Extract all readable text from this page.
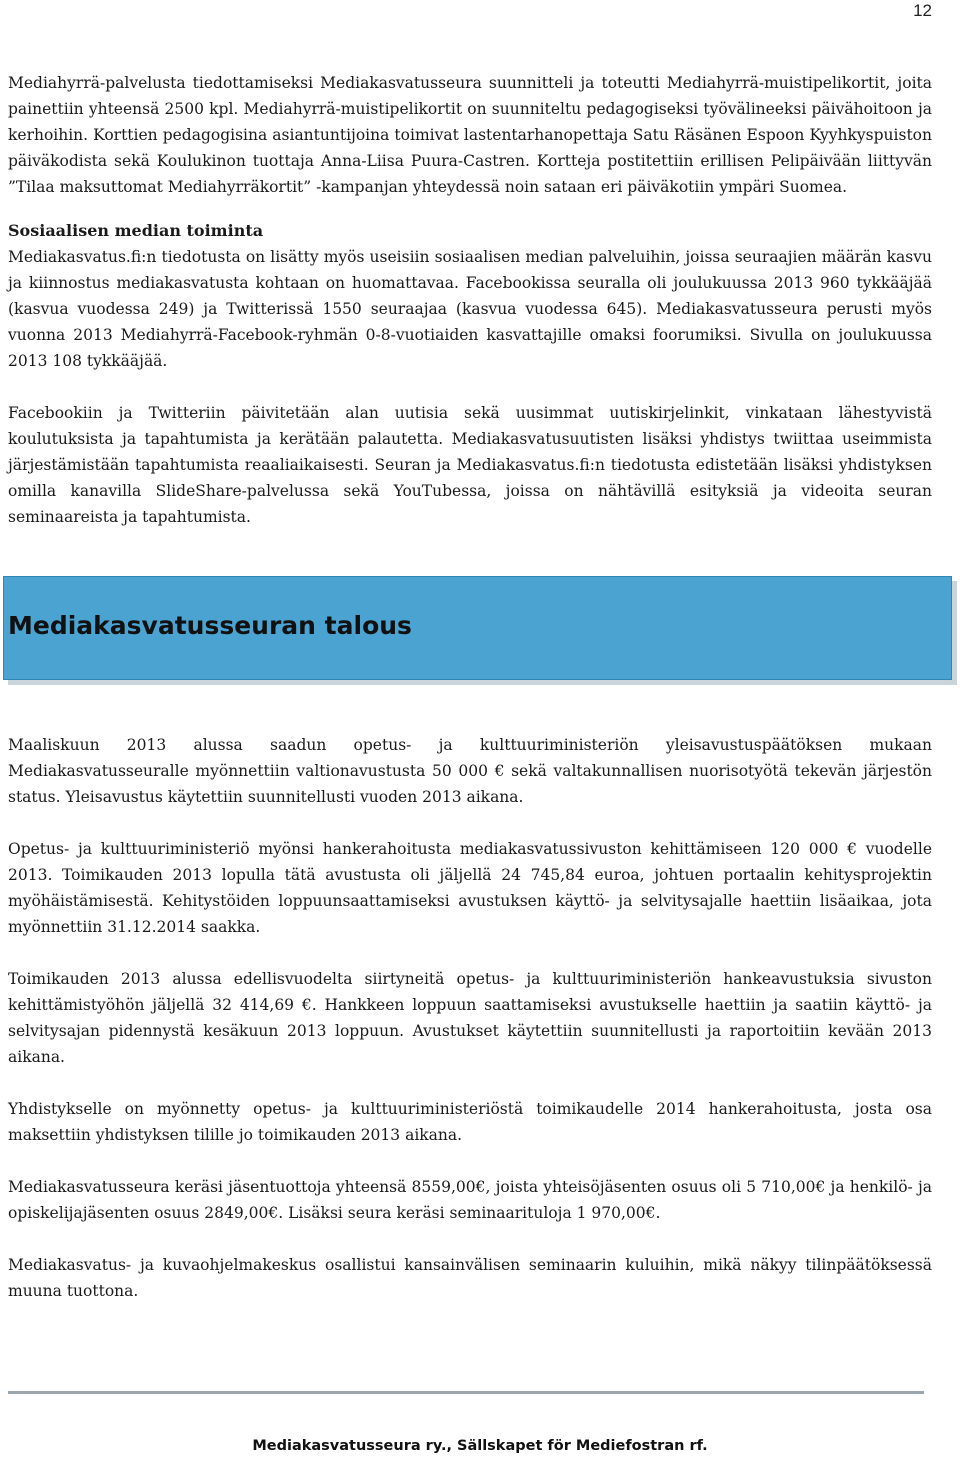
12

Mediahyrrä-palvelusta tiedottamiseksi Mediakasvatusseura suunnitteli ja toteutti Mediahyrrä-muistipelikortit, joita painettiin yhteensä 2500 kpl. Mediahyrrä-muistipelikortit on suunniteltu pedagogiseksi työvälineeksi päivähoitoon ja kerhoihin. Korttien pedagogisina asiantuntijoina toimivat lastentarhanopettaja Satu Räsänen Espoon Kyyhkyspuiston päiväkodista sekä Koulukinon tuottaja Anna-Liisa Puura-Castren. Kortteja postitettiin erillisen Pelipäivään liittyvän ”Tilaa maksuttomat Mediahyrräkortit” -kampanjan yhteydessä noin sataan eri päiväkotiin ympäri Suomea.

Sosiaalisen median toiminta

Mediakasvatus.fi:n tiedotusta on lisätty myös useisiin sosiaalisen median palveluihin, joissa seuraajien määrän kasvu ja kiinnostus mediakasvatusta kohtaan on huomattavaa. Facebookissa seuralla oli joulukuussa 2013 960 tykkääjää (kasvua vuodessa 249) ja Twitterissä 1550 seuraajaa (kasvua vuodessa 645). Mediakasvatusseura perusti myös vuonna 2013 Mediahyrrä-Facebook-ryhmän 0-8-vuotiaiden kasvattajille omaksi foorumiksi. Sivulla on joulukuussa 2013 108 tykkääjää.

Facebookiin ja Twitteriin päivitetään alan uutisia sekä uusimmat uutiskirjelinkit, vinkataan lähestyvistä koulutuksista ja tapahtumista ja kerätään palautetta. Mediakasvatusuutisten lisäksi yhdistys twiittaa useimmista järjestämistään tapahtumista reaaliaikaisesti. Seuran ja Mediakasvatus.fi:n tiedotusta edistetään lisäksi yhdistyksen omilla kanavilla SlideShare-palvelussa sekä YouTubessa, joissa on nähtävillä esityksiä ja videoita seuran seminaareista ja tapahtumista.

Mediakasvatusseuran talous

Maaliskuun 2013 alussa saadun opetus- ja kulttuuriministeriön yleisavustuspäätöksen mukaan Mediakasvatusseuralle myönnettiin valtionavustusta 50 000 € sekä valtakunnallisen nuorisotyötä tekevän järjestön status. Yleisavustus käytettiin suunnitellusti vuoden 2013 aikana.

Opetus- ja kulttuuriministeriö myönsi hankerahoitusta mediakasvatussivuston kehittämiseen 120 000 € vuodelle 2013. Toimikauden 2013 lopulla tätä avustusta oli jäljellä 24 745,84 euroa, johtuen portaalin kehitysprojektin myöhäistämisestä. Kehitystöiden loppuunsaattamiseksi avustuksen käyttö- ja selvitysajalle haettiin lisäaikaa, jota myönnettiin 31.12.2014 saakka.

Toimikauden 2013 alussa edellisvuodelta siirtyneitä opetus- ja kulttuuriministeriön hankeavustuksia sivuston kehittämistyöhön jäljellä 32 414,69 €. Hankkeen loppuun saattamiseksi avustukselle haettiin ja saatiin käyttö- ja selvitysajan pidennystä kesäkuun 2013 loppuun. Avustukset käytettiin suunnitellusti ja raportoitiin kevään 2013 aikana.

Yhdistykselle on myönnetty opetus- ja kulttuuriministeriöstä toimikaudelle 2014 hankerahoitusta, josta osa maksettiin yhdistyksen tilille jo toimikauden 2013 aikana.

Mediakasvatusseura keräsi jäsentuottoja yhteensä 8559,00€, joista yhteisöjäsenten osuus oli 5 710,00€ ja henkilö- ja opiskelijajäsenten osuus 2849,00€. Lisäksi seura keräsi seminaarituloja 1 970,00€.

Mediakasvatus- ja kuvaohjelmakeskus osallistui kansainvälisen seminaarin kuluihin, mikä näkyy tilinpäätöksessä muuna tuottona.

Mediakasvatusseura ry., Sällskapet för Mediefostran rf.
